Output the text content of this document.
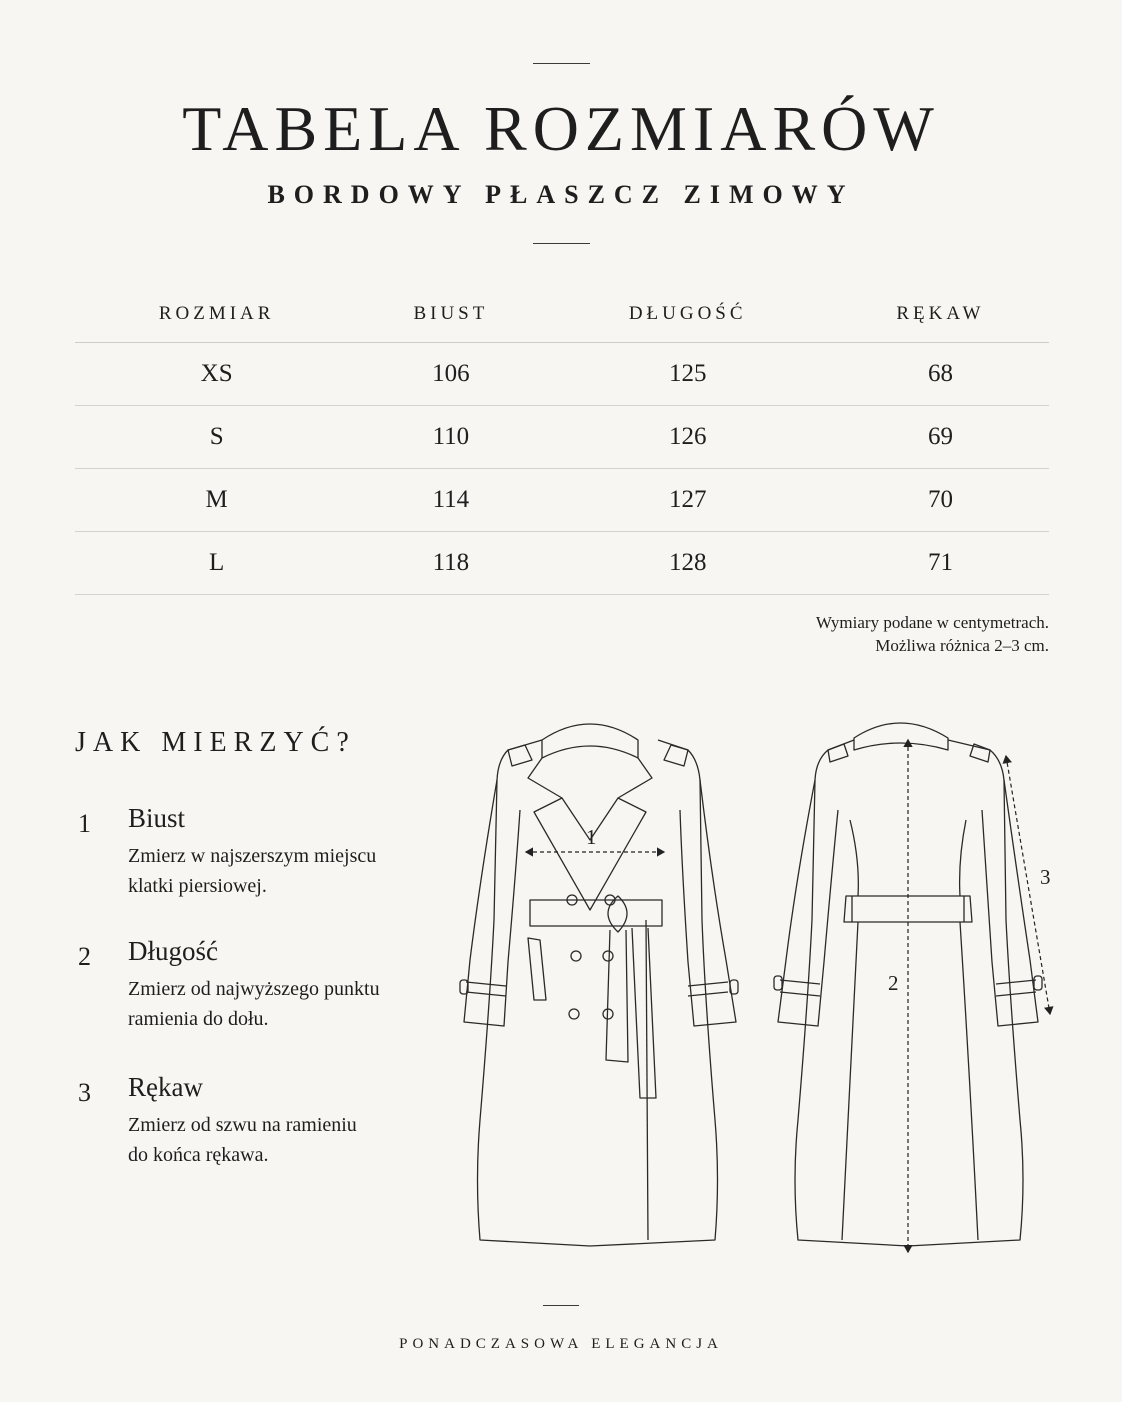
TABELA ROZMIARÓW
BORDOWY PŁASZCZ ZIMOWY
ROZMIAR	BIUST	DŁUGOŚĆ	RĘKAW
XS	106	125	68
S	110	126	69
M	114	127	70
L	118	128	71
Wymiary podane w centymetrach.
Możliwa różnica 2–3 cm.
JAK MIERZYĆ?
1 Biust
Zmierz w najszerszym miejscu
klatki piersiowej.
2 Długość
Zmierz od najwyższego punktu
ramienia do dołu.
3 Rękaw
Zmierz od szwu na ramieniu
do końca rękawa.
1
2
3
PONADCZASOWA ELEGANCJA
